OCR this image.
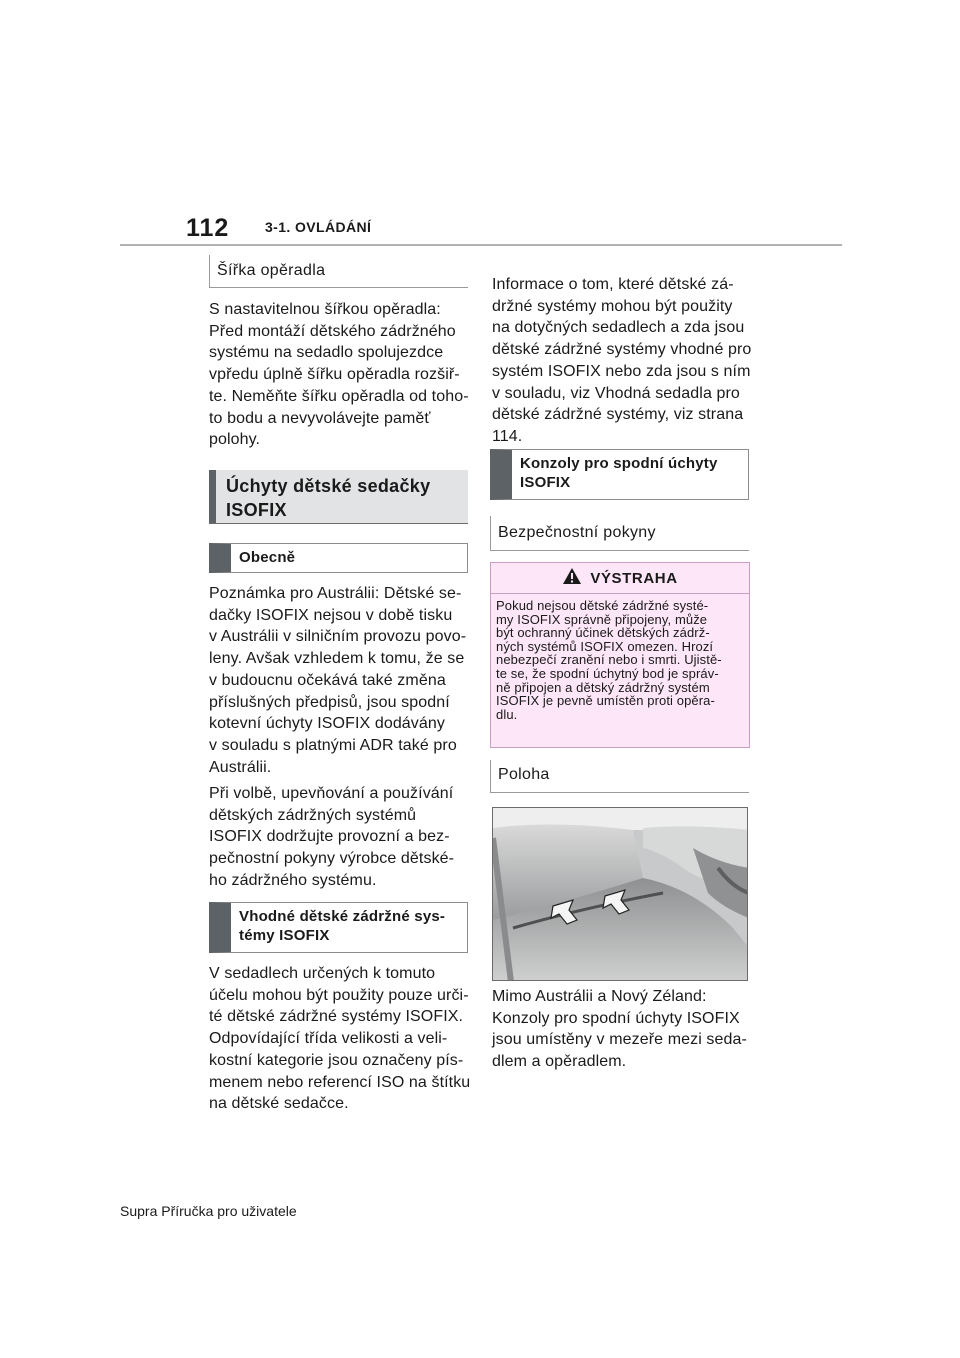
112	3-1. OVLÁDÁNÍ
Šířka opěradla
S nastavitelnou šířkou opěradla:
Před montáží dětského zádržného
systému na sedadlo spolujezdce
vpředu úplně šířku opěradla rozšiř-
te. Neměňte šířku opěradla od toho-
to bodu a nevyvolávejte paměť
polohy.
Úchyty dětské sedačky
ISOFIX
Obecně
Poznámka pro Austrálii: Dětské se-
dačky ISOFIX nejsou v době tisku
v Austrálii v silničním provozu povo-
leny. Avšak vzhledem k tomu, že se
v budoucnu očekává také změna
příslušných předpisů, jsou spodní
kotevní úchyty ISOFIX dodávány
v souladu s platnými ADR také pro
Austrálii.
Při volbě, upevňování a používání
dětských zádržných systémů
ISOFIX dodržujte provozní a bez-
pečnostní pokyny výrobce dětské-
ho zádržného systému.
Vhodné dětské zádržné sys-
témy ISOFIX
V sedadlech určených k tomuto
účelu mohou být použity pouze urči-
té dětské zádržné systémy ISOFIX.
Odpovídající třída velikosti a veli-
kostní kategorie jsou označeny pís-
menem nebo referencí ISO na štítku
na dětské sedačce.
Informace o tom, které dětské zá-
držné systémy mohou být použity
na dotyčných sedadlech a zda jsou
dětské zádržné systémy vhodné pro
systém ISOFIX nebo zda jsou s ním
v souladu, viz Vhodná sedadla pro
dětské zádržné systémy, viz strana
114.
Konzoly pro spodní úchyty
ISOFIX
Bezpečnostní pokyny
VÝSTRAHA
Pokud nejsou dětské zádržné systé-
my ISOFIX správně připojeny, může
být ochranný účinek dětských zádrž-
ných systémů ISOFIX omezen. Hrozí
nebezpečí zranění nebo i smrti. Ujistě-
te se, že spodní úchytný bod je správ-
ně připojen a dětský zádržný systém
ISOFIX je pevně umístěn proti opěra-
dlu.
Poloha
Mimo Austrálii a Nový Zéland:
Konzoly pro spodní úchyty ISOFIX
jsou umístěny v mezeře mezi seda-
dlem a opěradlem.
Supra Příručka pro uživatele
